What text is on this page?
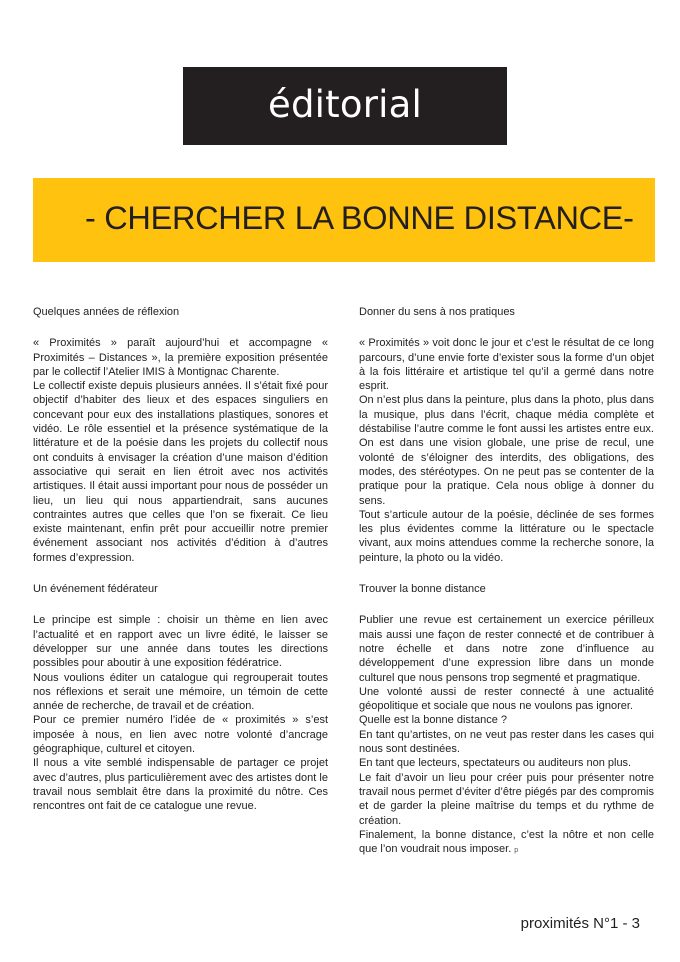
éditorial
- CHERCHER LA BONNE DISTANCE-

Quelques années de réflexion

« Proximités » paraît aujourd’hui et accompagne « Proximités – Distances », la première exposition présentée par le collectif l’Atelier IMIS à Montignac Charente.

Le collectif existe depuis plusieurs années. Il s’était fixé pour objectif d’habiter des lieux et des espaces singuliers en concevant pour eux des installations plastiques, sonores et vidéo. Le rôle essentiel et la présence systématique de la littérature et de la poésie dans les projets du collectif nous ont conduits à envisager la création d’une maison d’édition associative qui serait en lien étroit avec nos activités artistiques. Il était aussi important pour nous de posséder un lieu, un lieu qui nous appartiendrait, sans aucunes contraintes autres que celles que l’on se fixerait. Ce lieu existe maintenant, enfin prêt pour accueillir notre premier événement associant nos activités d’édition à d’autres formes d’expression.

Un événement fédérateur

Le principe est simple : choisir un thème en lien avec l’actualité et en rapport avec un livre édité, le laisser se développer sur une année dans toutes les directions possibles pour aboutir à une exposition fédératrice.

Nous voulions éditer un catalogue qui regrouperait toutes nos réflexions et serait une mémoire, un témoin de cette année de recherche, de travail et de création.

Pour ce premier numéro l’idée de « proximités » s’est imposée à nous, en lien avec notre volonté d’ancrage géographique, culturel et citoyen.

Il nous a vite semblé indispensable de partager ce projet avec d’autres, plus particulièrement avec des artistes dont le travail nous semblait être dans la proximité du nôtre. Ces rencontres ont fait de ce catalogue une revue.

Donner du sens à nos pratiques

« Proximités » voit donc le jour et c’est le résultat de ce long parcours, d’une envie forte d’exister sous la forme d’un objet à la fois littéraire et artistique tel qu’il a germé dans notre esprit.

On n’est plus dans la peinture, plus dans la photo, plus dans la musique, plus dans l’écrit, chaque média complète et déstabilise l’autre comme le font aussi les artistes entre eux. On est dans une vision globale, une prise de recul, une volonté de s’éloigner des interdits, des obligations, des modes, des stéréotypes. On ne peut pas se contenter de la pratique pour la pratique. Cela nous oblige à donner du sens.

Tout s’articule autour de la poésie, déclinée de ses formes les plus évidentes comme la littérature ou le spectacle vivant, aux moins attendues comme la recherche sonore, la peinture, la photo ou la vidéo.

Trouver la bonne distance

Publier une revue est certainement un exercice périlleux mais aussi une façon de rester connecté et de contribuer à notre échelle et dans notre zone d’influence au développement d’une expression libre dans un monde culturel que nous pensons trop segmenté et pragmatique.

Une volonté aussi de rester connecté à une actualité géopolitique et sociale que nous ne voulons pas ignorer.

Quelle est la bonne distance ?

En tant qu’artistes, on ne veut pas rester dans les cases qui nous sont destinées.

En tant que lecteurs, spectateurs ou auditeurs non plus.

Le fait d’avoir un lieu pour créer puis pour présenter notre travail nous permet d’éviter d’être piégés par des compromis et de garder la pleine maîtrise du temps et du rythme de création.

Finalement, la bonne distance, c’est la nôtre et non celle que l’on voudrait nous imposer. p

proximités N°1 - 3
